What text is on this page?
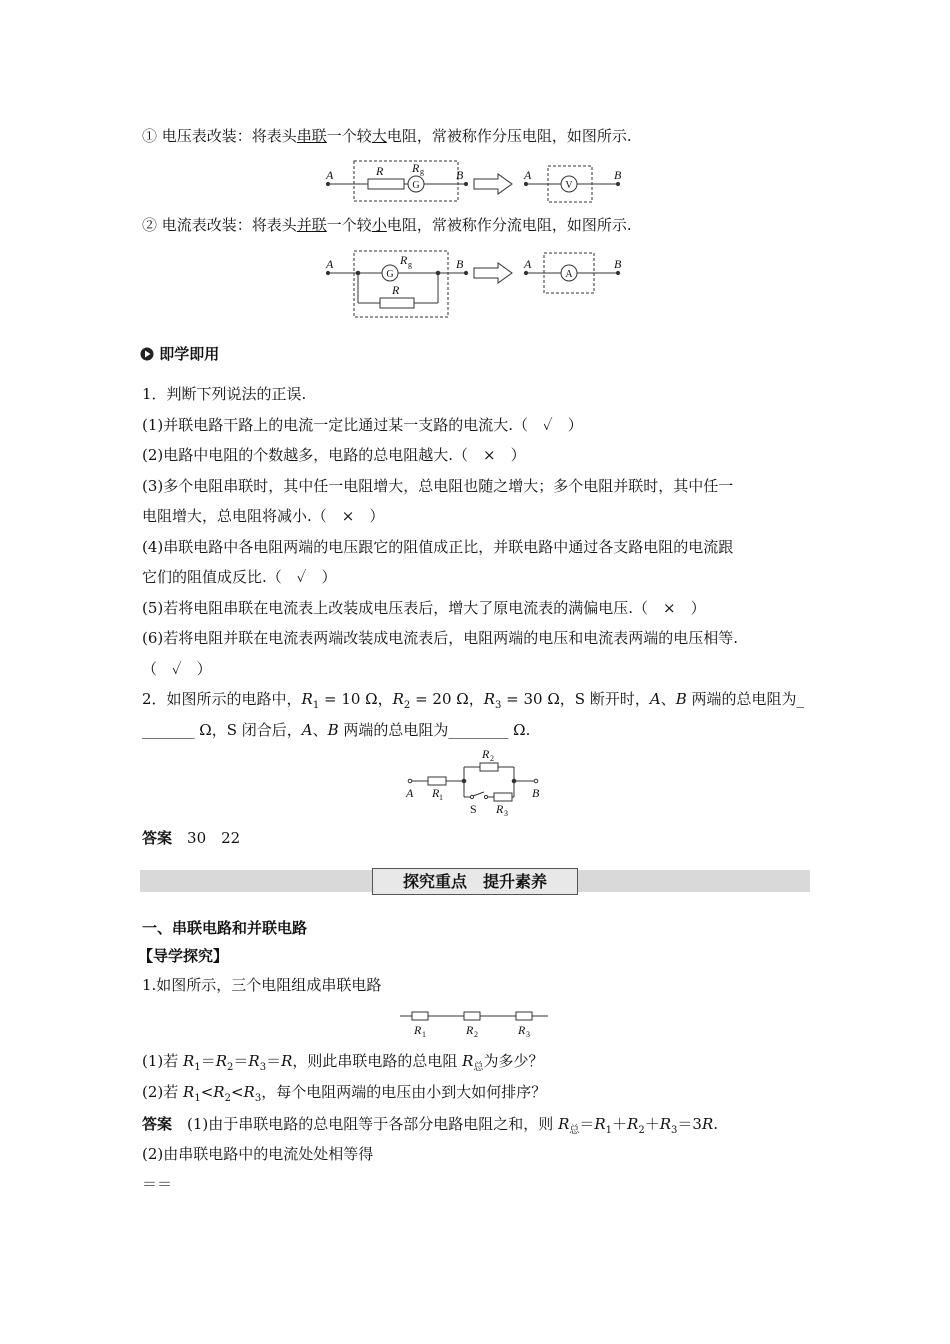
① 电压表改装：将表头串联一个较大电阻，常被称作分压电阻，如图所示.
A	R R	B	A	B
g
G	V
② 电流表改装：将表头并联一个较小电阻，常被称作分流电阻，如图所示.
A	R
R
B	A	B
g
G	A
即学即用
1．判断下列说法的正误.
(1)并联电路干路上的电流一定比通过某一支路的电流大.（　✓　）
(2)电路中电阻的个数越多，电路的总电阻越大.（　×　）
(3)多个电阻串联时，其中任一电阻增大，总电阻也随之增大；多个电阻并联时，其中任一
电阻增大，总电阻将减小.（　×　）
(4)串联电路中各电阻两端的电压跟它的阻值成正比，并联电路中通过各支路电阻的电流跟
它们的阻值成反比.（　✓　）
(5)若将电阻串联在电流表上改装成电压表后，增大了原电流表的满偏电压.（　×　）
(6)若将电阻并联在电流表两端改装成电流表后，电阻两端的电压和电流表两端的电压相等.
（　✓　）
2．如图所示的电路中，$R_1 = 10$ Ω，$R_2 = 20$ Ω，$R_3 = 30$ Ω，S 断开时，A、B 两端的总电阻为_
_______ Ω，S 闭合后，A、B 两端的总电阻为________ Ω.
A R
R
R
B
1
2
3
S
答案　 30　22
探究重点　提升素养
一、串联电路和并联电路
【导学探究】
1.如图所示，三个电阻组成串联电路
R	R	R
1	2	3
(1)若 $R_1=R_2=R_3=R$，则此串联电路的总电阻 $R_总$为多少？
(2)若 $R_1<R_2<R_3$，每个电阻两端的电压由小到大如何排序？
答案　 (1)由于串联电路的总电阻等于各部分电路电阻之和，则 $R_总=R_1+R_2+R_3=3R$.
(2)由串联电路中的电流处处相等得
＝＝
